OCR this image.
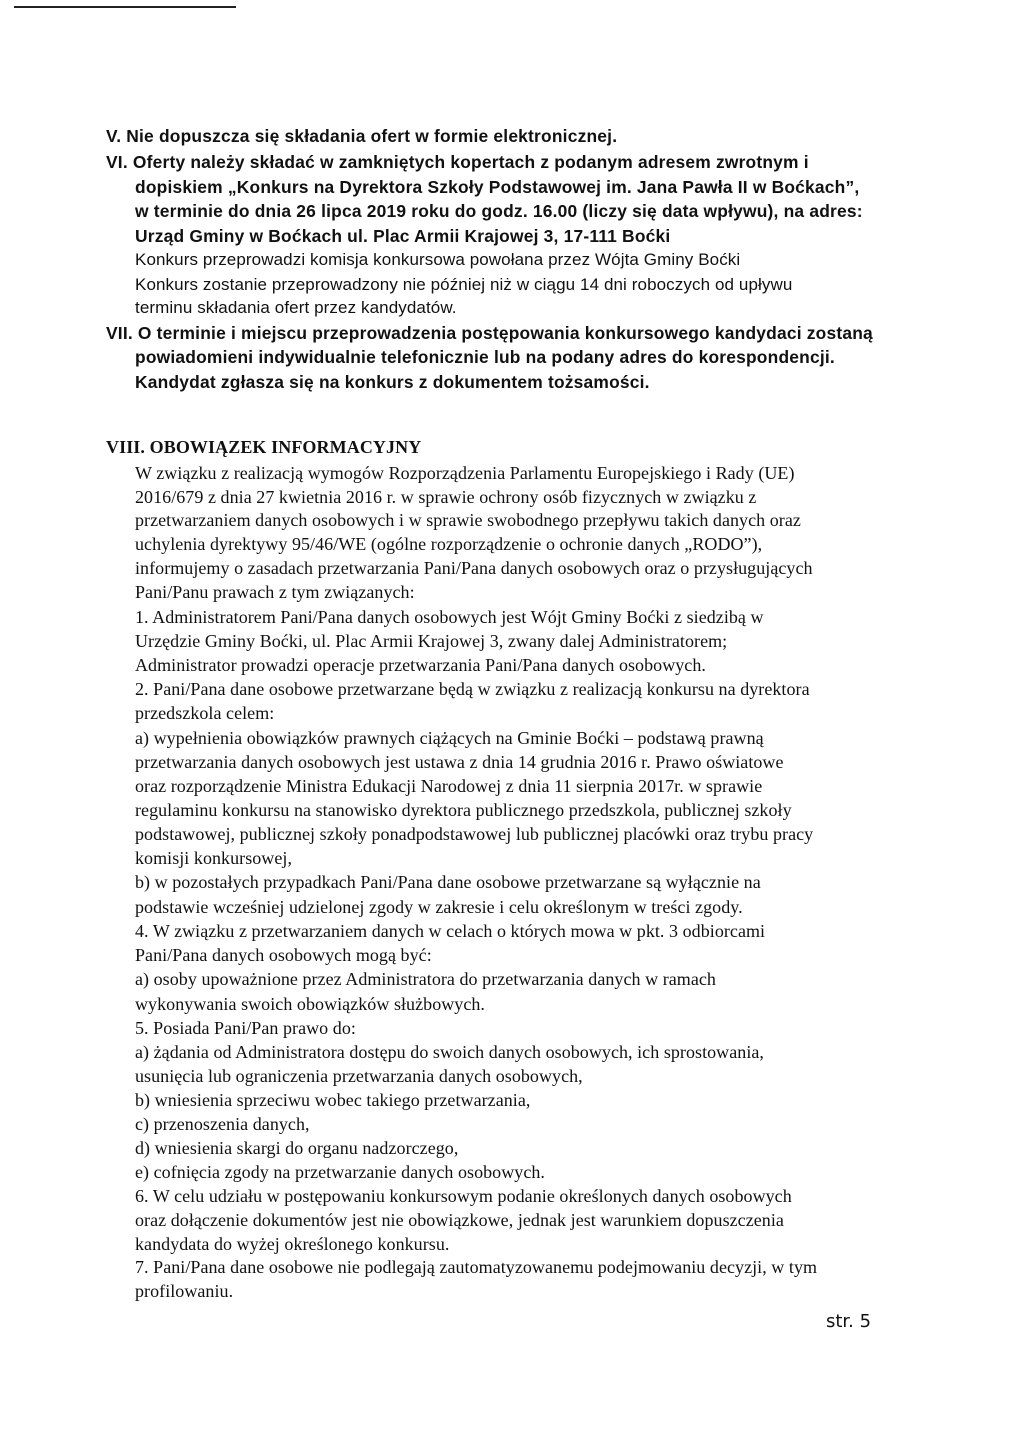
V. Nie dopuszcza się składania ofert w formie elektronicznej.
VI. Oferty należy składać w zamkniętych kopertach z podanym adresem zwrotnym i
dopiskiem „Konkurs na Dyrektora Szkoły Podstawowej im. Jana Pawła II w Boćkach”,
w terminie do dnia 26 lipca 2019 roku do godz. 16.00 (liczy się data wpływu), na adres:
Urząd Gminy w Boćkach ul. Plac Armii Krajowej 3, 17-111 Boćki
Konkurs przeprowadzi komisja konkursowa powołana przez Wójta Gminy Boćki
Konkurs zostanie przeprowadzony nie później niż w ciągu 14 dni roboczych od upływu
terminu składania ofert przez kandydatów.
VII. O terminie i miejscu przeprowadzenia postępowania konkursowego kandydaci zostaną
powiadomieni indywidualnie telefonicznie lub na podany adres do korespondencji.
Kandydat zgłasza się na konkurs z dokumentem tożsamości.
VIII. OBOWIĄZEK INFORMACYJNY
W związku z realizacją wymogów Rozporządzenia Parlamentu Europejskiego i Rady (UE)
2016/679 z dnia 27 kwietnia 2016 r. w sprawie ochrony osób fizycznych w związku z
przetwarzaniem danych osobowych i w sprawie swobodnego przepływu takich danych oraz
uchylenia dyrektywy 95/46/WE (ogólne rozporządzenie o ochronie danych „RODO”),
informujemy o zasadach przetwarzania Pani/Pana danych osobowych oraz o przysługujących
Pani/Panu prawach z tym związanych:
1. Administratorem Pani/Pana danych osobowych jest Wójt Gminy Boćki z siedzibą w
Urzędzie Gminy Boćki, ul. Plac Armii Krajowej 3, zwany dalej Administratorem;
Administrator prowadzi operacje przetwarzania Pani/Pana danych osobowych.
2. Pani/Pana dane osobowe przetwarzane będą w związku z realizacją konkursu na dyrektora
przedszkola celem:
a) wypełnienia obowiązków prawnych ciążących na Gminie Boćki – podstawą prawną
przetwarzania danych osobowych jest ustawa z dnia 14 grudnia 2016 r. Prawo oświatowe
oraz rozporządzenie Ministra Edukacji Narodowej z dnia 11 sierpnia 2017r. w sprawie
regulaminu konkursu na stanowisko dyrektora publicznego przedszkola, publicznej szkoły
podstawowej, publicznej szkoły ponadpodstawowej lub publicznej placówki oraz trybu pracy
komisji konkursowej,
b) w pozostałych przypadkach Pani/Pana dane osobowe przetwarzane są wyłącznie na
podstawie wcześniej udzielonej zgody w zakresie i celu określonym w treści zgody.
4. W związku z przetwarzaniem danych w celach o których mowa w pkt. 3 odbiorcami
Pani/Pana danych osobowych mogą być:
a) osoby upoważnione przez Administratora do przetwarzania danych w ramach
wykonywania swoich obowiązków służbowych.
5. Posiada Pani/Pan prawo do:
a) żądania od Administratora dostępu do swoich danych osobowych, ich sprostowania,
usunięcia lub ograniczenia przetwarzania danych osobowych,
b) wniesienia sprzeciwu wobec takiego przetwarzania,
c) przenoszenia danych,
d) wniesienia skargi do organu nadzorczego,
e) cofnięcia zgody na przetwarzanie danych osobowych.
6. W celu udziału w postępowaniu konkursowym podanie określonych danych osobowych
oraz dołączenie dokumentów jest nie obowiązkowe, jednak jest warunkiem dopuszczenia
kandydata do wyżej określonego konkursu.
7. Pani/Pana dane osobowe nie podlegają zautomatyzowanemu podejmowaniu decyzji, w tym
profilowaniu.
str. 5
